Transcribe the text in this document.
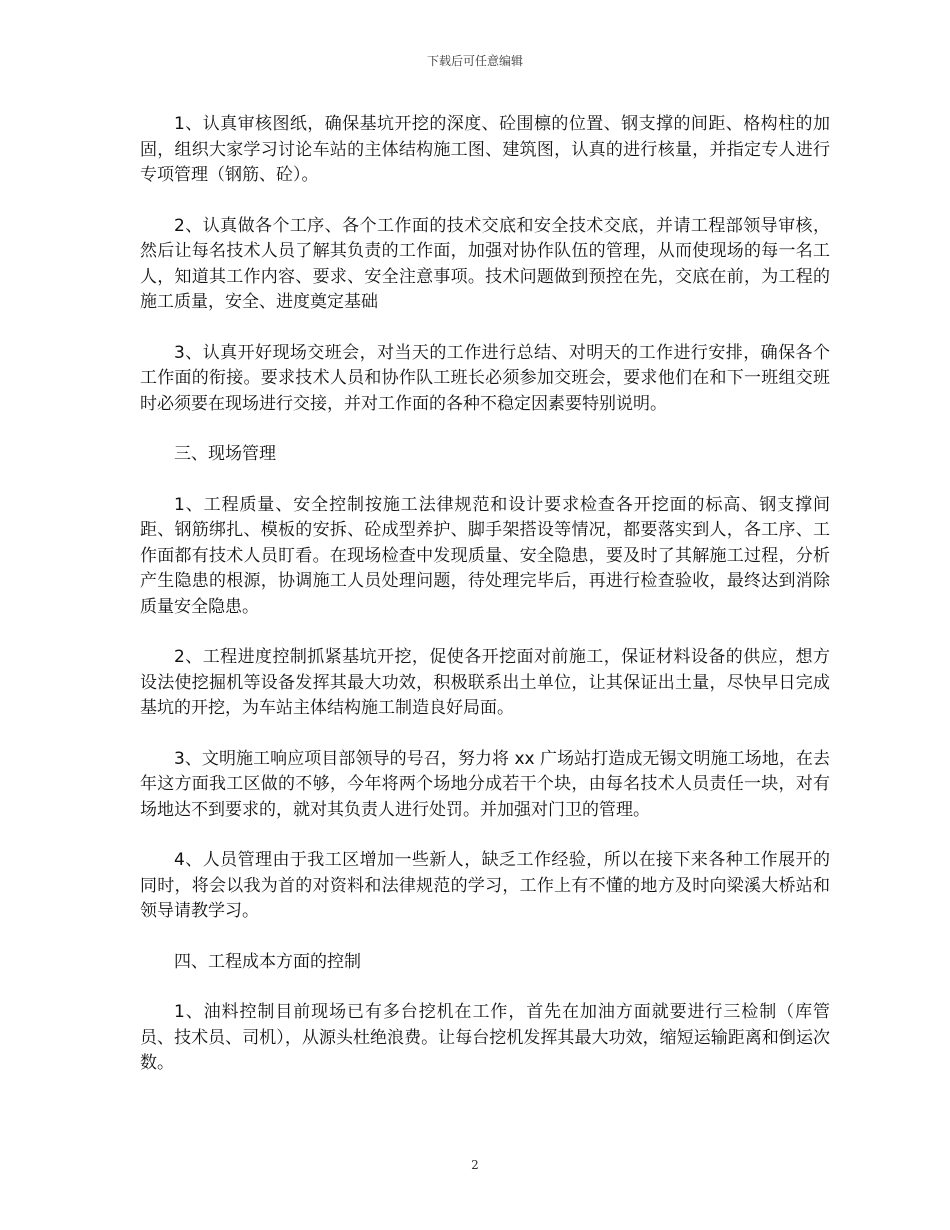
下载后可任意编辑

1、认真审核图纸，确保基坑开挖的深度、砼围檩的位置、钢支撑的间距、格构柱的加固，组织大家学习讨论车站的主体结构施工图、建筑图，认真的进行核量，并指定专人进行专项管理（钢筋、砼）。

2、认真做各个工序、各个工作面的技术交底和安全技术交底，并请工程部领导审核，然后让每名技术人员了解其负责的工作面，加强对协作队伍的管理，从而使现场的每一名工人，知道其工作内容、要求、安全注意事项。技术问题做到预控在先，交底在前，为工程的施工质量，安全、进度奠定基础

3、认真开好现场交班会，对当天的工作进行总结、对明天的工作进行安排，确保各个工作面的衔接。要求技术人员和协作队工班长必须参加交班会，要求他们在和下一班组交班时必须要在现场进行交接，并对工作面的各种不稳定因素要特别说明。

三、现场管理

1、工程质量、安全控制按施工法律规范和设计要求检查各开挖面的标高、钢支撑间距、钢筋绑扎、模板的安拆、砼成型养护、脚手架搭设等情况，都要落实到人，各工序、工作面都有技术人员盯看。在现场检查中发现质量、安全隐患，要及时了其解施工过程，分析产生隐患的根源，协调施工人员处理问题，待处理完毕后，再进行检查验收，最终达到消除质量安全隐患。

2、工程进度控制抓紧基坑开挖，促使各开挖面对前施工，保证材料设备的供应，想方设法使挖掘机等设备发挥其最大功效，积极联系出土单位，让其保证出土量，尽快早日完成基坑的开挖，为车站主体结构施工制造良好局面。

3、文明施工响应项目部领导的号召，努力将 xx 广场站打造成无锡文明施工场地，在去年这方面我工区做的不够，今年将两个场地分成若干个块，由每名技术人员责任一块，对有场地达不到要求的，就对其负责人进行处罚。并加强对门卫的管理。

4、人员管理由于我工区增加一些新人，缺乏工作经验，所以在接下来各种工作展开的同时，将会以我为首的对资料和法律规范的学习，工作上有不懂的地方及时向梁溪大桥站和领导请教学习。

四、工程成本方面的控制

1、油料控制目前现场已有多台挖机在工作，首先在加油方面就要进行三检制（库管员、技术员、司机），从源头杜绝浪费。让每台挖机发挥其最大功效，缩短运输距离和倒运次数。

2
